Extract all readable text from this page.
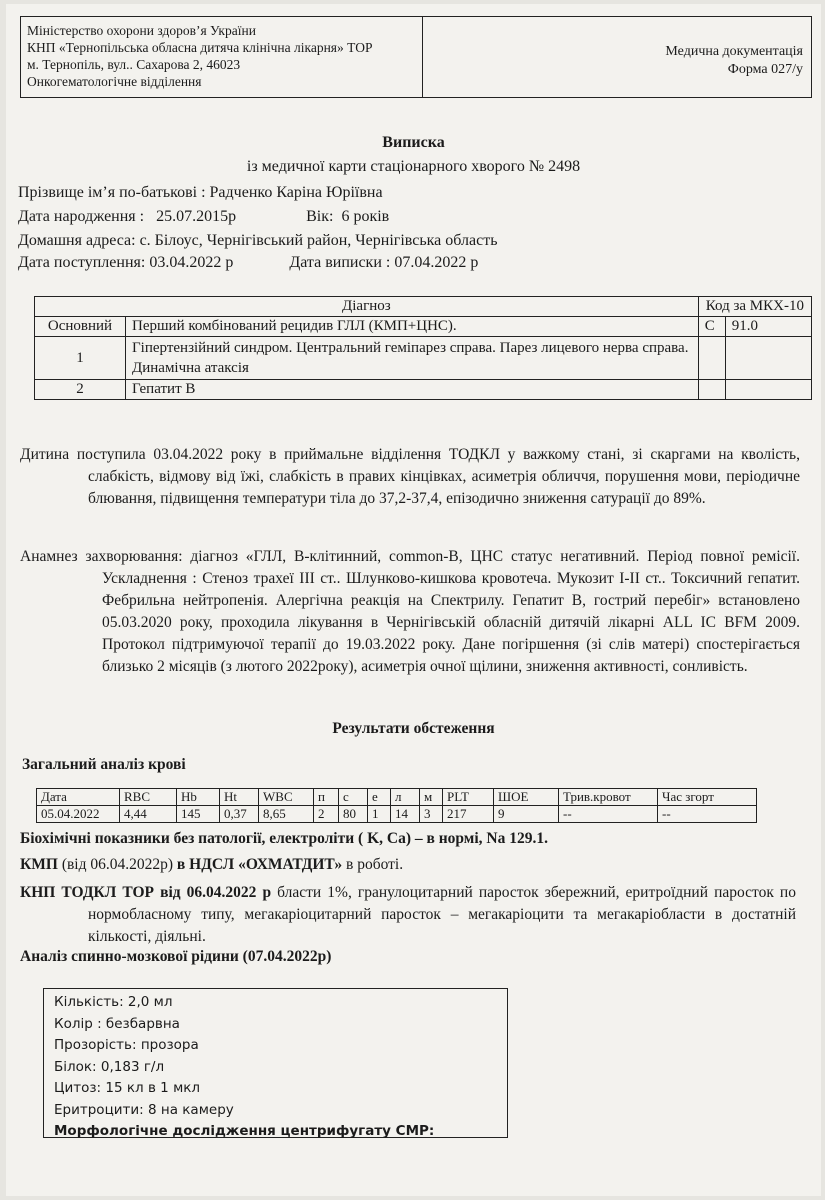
Міністерство охорони здоров’я України
КНП «Тернопільська обласна дитяча клінічна лікарня» ТОР
м. Тернопіль, вул.. Сахарова 2, 46023
Онкогематологічне відділення
Медична документація
Форма 027/у
Виписка
із медичної карти стаціонарного хворого № 2498
Прізвище ім’я по-батькові : Радченко Каріна Юріївна
Дата народження : 25.07.2015р	Вік: 6 років
Домашня адреса: с. Білоус, Чернігівський район, Чернігівська область
Дата поступлення: 03.04.2022 р	Дата виписки : 07.04.2022 р
Діагноз		Код за МКХ-10	
Основний	Перший комбінований рецидив ГЛЛ (КМП+ЦНС).	C	91.0
1	Гіпертензійний синдром. Центральний геміпарез справа. Парез лицевого нерва справа. Динамічна атаксія		
2	Гепатит В		
Дитина поступила 03.04.2022 року в приймальне відділення ТОДКЛ у важкому стані, зі скаргами на кволість, слабкість, відмову від їжі, слабкість в правих кінцівках, асиметрія обличчя, порушення мови, періодичне блювання, підвищення температури тіла до 37,2-37,4, епізодично зниження сатурації до 89%.
Анамнез захворювання: діагноз «ГЛЛ, В-клітинний, common-B, ЦНС статус негативний. Період повної ремісії. Ускладнення : Стеноз трахеї ІІІ ст.. Шлунково-кишкова кровотеча. Мукозит І-ІІ ст.. Токсичний гепатит. Фебрильна нейтропенія. Алергічна реакція на Спектрилу. Гепатит В, гострий перебіг» встановлено 05.03.2020 року, проходила лікування в Чернігівській обласній дитячій лікарні ALL IC BFM 2009. Протокол підтримуючої терапії до 19.03.2022 року. Дане погіршення (зі слів матері) спостерігається близько 2 місяців (з лютого 2022року), асиметрія очної щілини, зниження активності, сонливість.
Результати обстеження
Загальний аналіз крові
Дата	RBC	Hb	Ht	WBC	п	с	е	л	м	PLT	ШОЕ	Трив.кровот	Час згорт
05.04.2022	4,44	145	0,37	8,65	2	80	1	14	3	217	9	--	--
Біохімічні показники без патології, електроліти ( K, Ca) – в нормі, Na 129.1.
КМП (від 06.04.2022р) в НДСЛ «ОХМАТДИТ» в роботі.
КНП ТОДКЛ ТОР від 06.04.2022 р бласти 1%, гранулоцитарний паросток збережний, еритроїдний паросток по нормобласному типу, мегакаріоцитарний паросток – мегакаріоцити та мегакаріобласти в достатній кількості, діяльні.
Аналіз спинно-мозкової рідини (07.04.2022р)
Кількість: 2,0 мл
Колір : безбарвна
Прозорість: прозора
Білок: 0,183 г/л
Цитоз: 15 кл в 1 мкл
Еритроцити: 8 на камеру
Морфологічне дослідження центрифугату СМР:
